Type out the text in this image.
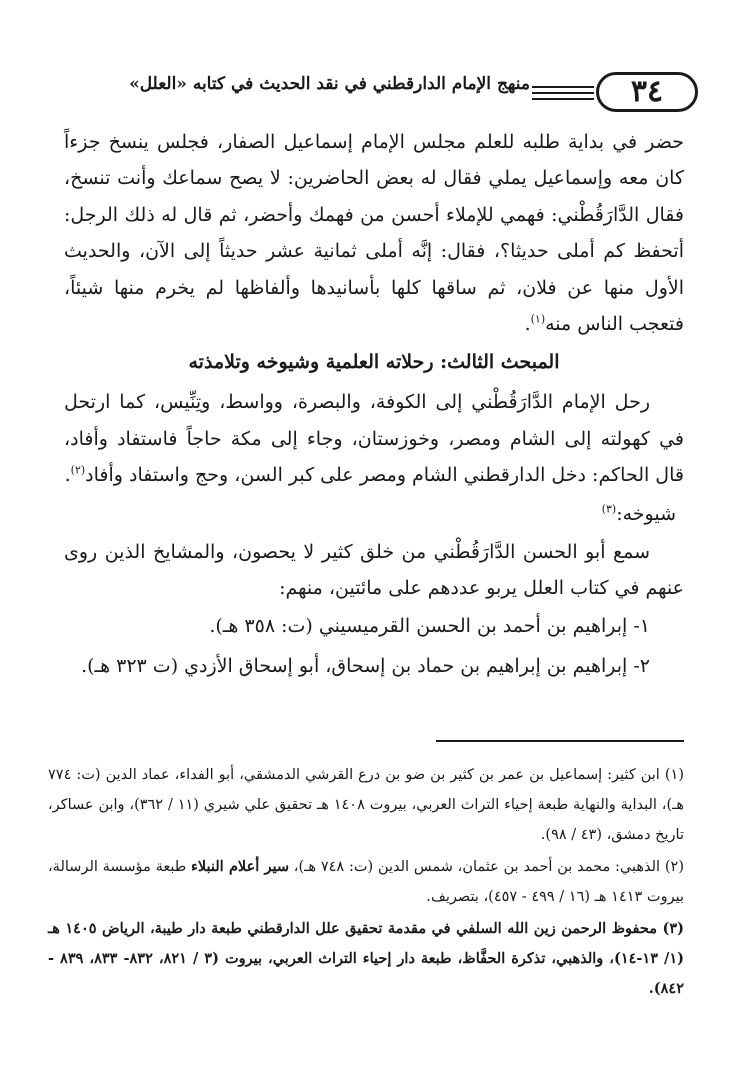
٣٤
منهج الإمام الدارقطني في نقد الحديث في كتابه «العلل»

حضر في بداية طلبه للعلم مجلس الإمام إسماعيل الصفار، فجلس ينسخ جزءاً كان معه وإسماعيل يملي فقال له بعض الحاضرين: لا يصح سماعك وأنت تنسخ، فقال الدَّارَقُطْني: فهمي للإملاء أحسن من فهمك وأحضر، ثم قال له ذلك الرجل: أتحفظ كم أملى حديثا؟، فقال: إنَّه أملى ثمانية عشر حديثاً إلى الآن، والحديث الأول منها عن فلان، ثم ساقها كلها بأسانيدها وألفاظها لم يخرم منها شيئاً، فتعجب الناس منه$^{(١)}$.

المبحث الثالث: رحلاته العلمية وشيوخه وتلامذته

رحل الإمام الدَّارَقُطْني إلى الكوفة، والبصرة، وواسط، وتِنِّيس، كما ارتحل في كهولته إلى الشام ومصر، وخوزستان، وجاء إلى مكة حاجاً فاستفاد وأفاد، قال الحاكم: دخل الدارقطني الشام ومصر على كبر السن، وحج واستفاد وأفاد$^{(٢)}$.

شيوخه:$^{(٣)}$

سمع أبو الحسن الدَّارَقُطْني من خلق كثير لا يحصون، والمشايخ الذين روى عنهم في كتاب العلل يربو عددهم على مائتين، منهم:

١- إبراهيم بن أحمد بن الحسن القرميسيني (ت: ٣٥٨ هـ).

٢- إبراهيم بن إبراهيم بن حماد بن إسحاق، أبو إسحاق الأزدي (ت ٣٢٣ هـ).

(١) ابن كثير: إسماعيل بن عمر بن كثير بن ضو بن درع القرشي الدمشقي، أبو الفداء، عماد الدين (ت: ٧٧٤ هـ)، البداية والنهاية طبعة إحياء التراث العربي، بيروت ١٤٠٨ هـ تحقيق علي شيري (١١ / ٣٦٢)، وابن عساكر، تاريخ دمشق، (٤٣ / ٩٨).

(٢) الذهبي: محمد بن أحمد بن عثمان، شمس الدين (ت: ٧٤٨ هـ)، سير أعلام النبلاء طبعة مؤسسة الرسالة، بيروت ١٤١٣ هـ (١٦ / ٤٩٩ - ٤٥٧)، بتصريف.

(٣) محفوظ الرحمن زين الله السلفي في مقدمة تحقيق علل الدارقطني طبعة دار طيبة، الرياض ١٤٠٥ هـ (١/ ١٣-١٤)، والذهبي، تذكرة الحفَّاظ، طبعة دار إحياء التراث العربي، بيروت (٣ / ٨٢١، ٨٣٢- ٨٣٣، ٨٣٩ - ٨٤٢).
